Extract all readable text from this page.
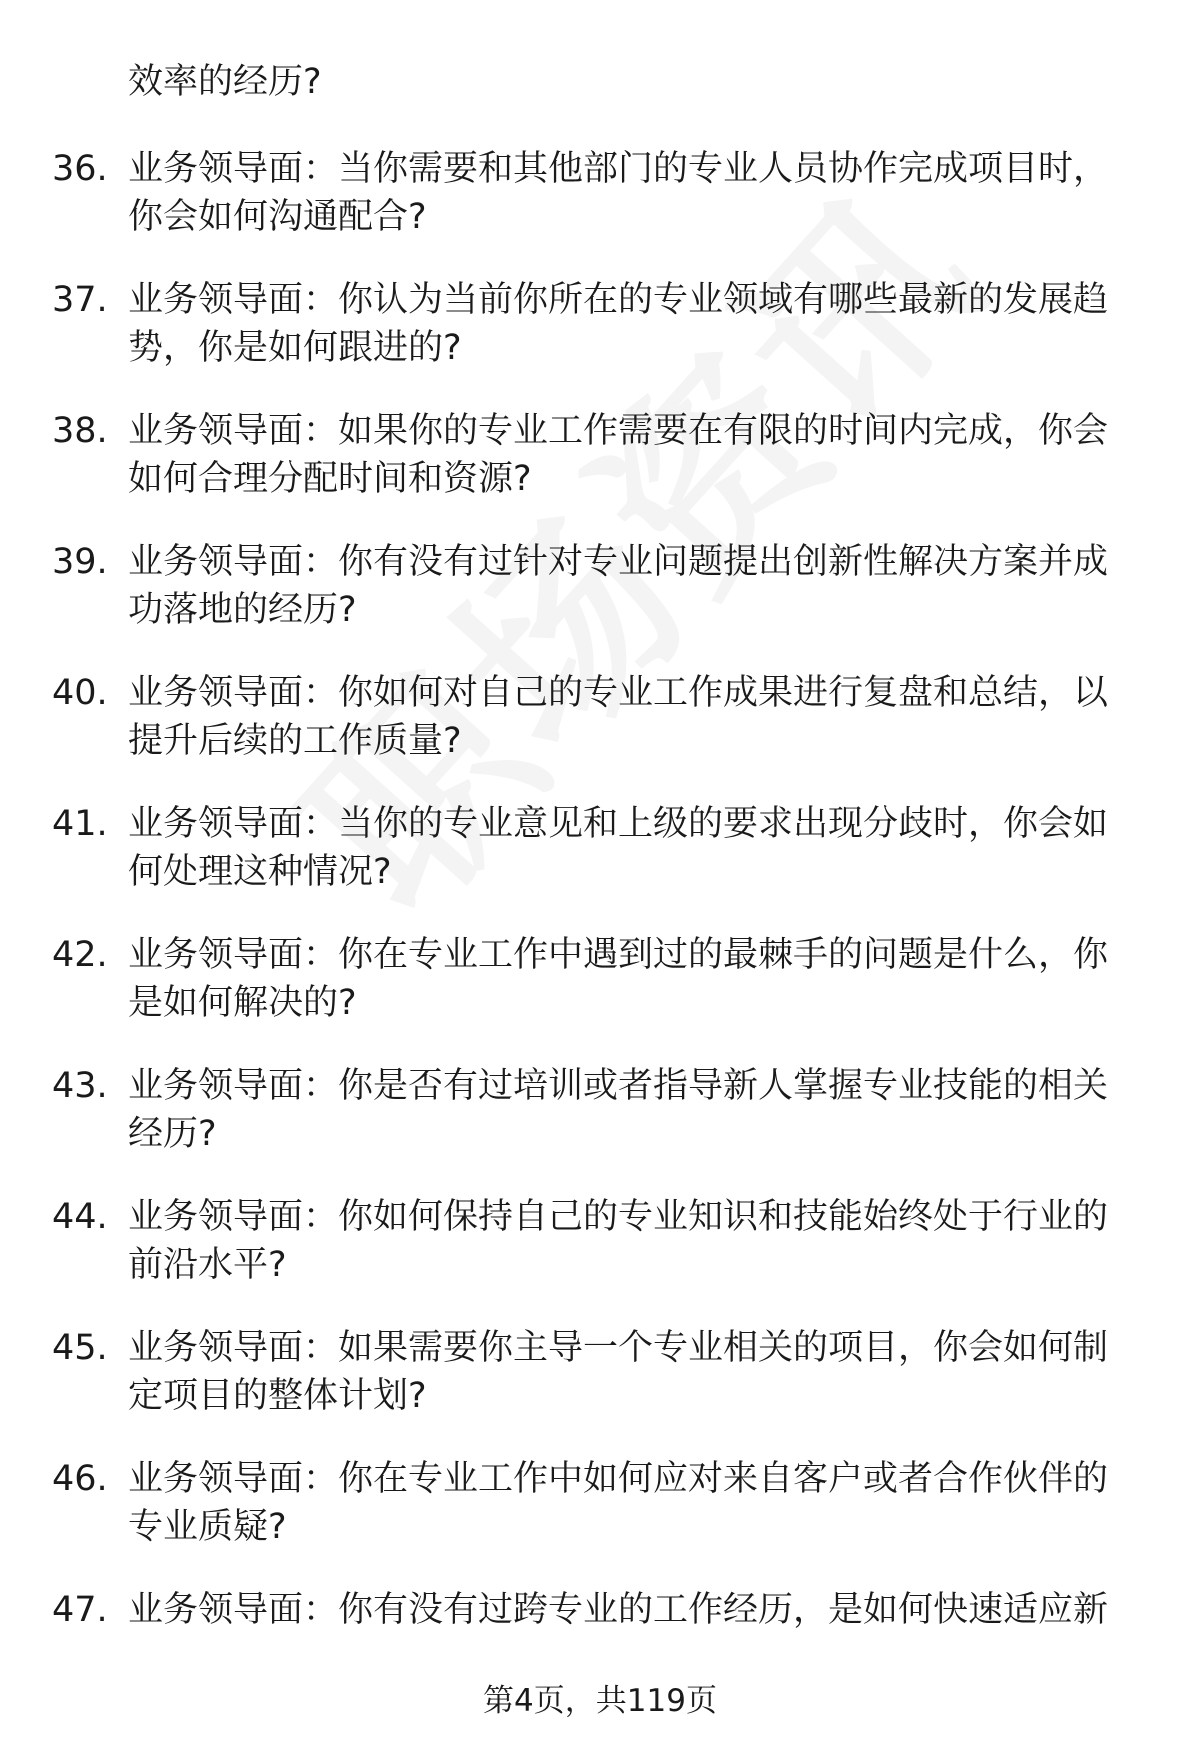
效率的经历?
36. 业务领导面：当你需要和其他部门的专业人员协作完成项目时，你会如何沟通配合?
37. 业务领导面：你认为当前你所在的专业领域有哪些最新的发展趋势，你是如何跟进的?
38. 业务领导面：如果你的专业工作需要在有限的时间内完成，你会如何合理分配时间和资源?
39. 业务领导面：你有没有过针对专业问题提出创新性解决方案并成功落地的经历?
40. 业务领导面：你如何对自己的专业工作成果进行复盘和总结，以提升后续的工作质量?
41. 业务领导面：当你的专业意见和上级的要求出现分歧时，你会如何处理这种情况?
42. 业务领导面：你在专业工作中遇到过的最棘手的问题是什么，你是如何解决的?
43. 业务领导面：你是否有过培训或者指导新人掌握专业技能的相关经历?
44. 业务领导面：你如何保持自己的专业知识和技能始终处于行业的前沿水平?
45. 业务领导面：如果需要你主导一个专业相关的项目，你会如何制定项目的整体计划?
46. 业务领导面：你在专业工作中如何应对来自客户或者合作伙伴的专业质疑?
47. 业务领导面：你有没有过跨专业的工作经历，是如何快速适应新
第4页，共119页
